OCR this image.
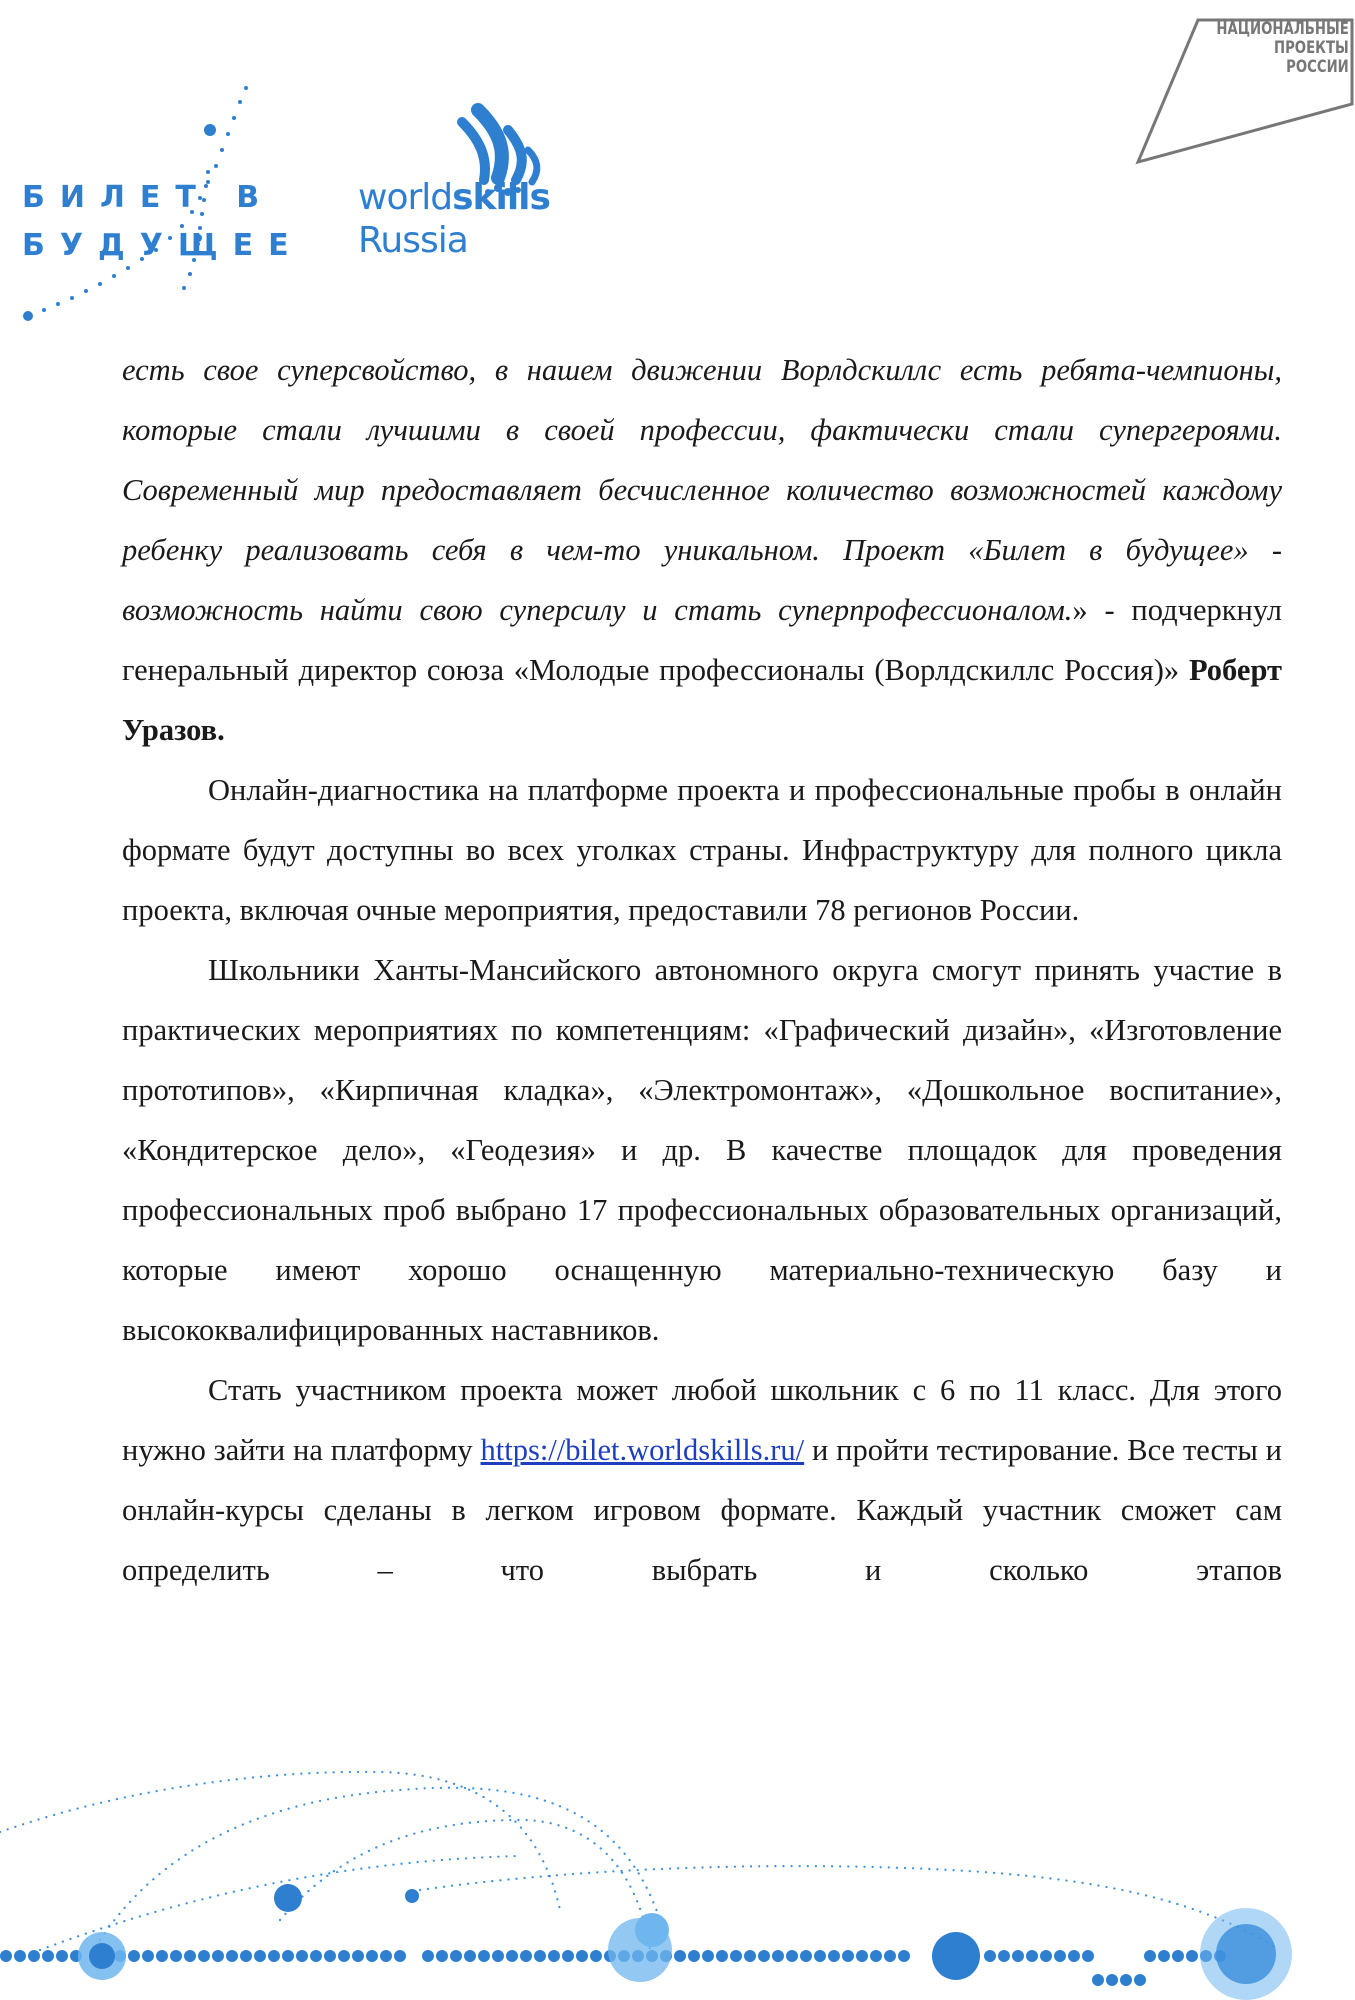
БИЛЕТ В
БУДУЩЕЕ
worldskills
Russia
НАЦИОНАЛЬНЫЕ
ПРОЕКТЫ
РОССИИ

есть свое суперсвойство, в нашем движении Ворлдскиллс есть ребята-чемпионы, которые стали лучшими в своей профессии, фактически стали супергероями. Современный мир предоставляет бесчисленное количество возможностей каждому ребенку реализовать себя в чем-то уникальном. Проект «Билет в будущее» - возможность найти свою суперсилу и стать суперпрофессионалом.» - подчеркнул генеральный директор союза «Молодые профессионалы (Ворлдскиллс Россия)» Роберт Уразов.

Онлайн-диагностика на платформе проекта и профессиональные пробы в онлайн формате будут доступны во всех уголках страны. Инфраструктуру для полного цикла проекта, включая очные мероприятия, предоставили 78 регионов России.

Школьники Ханты-Мансийского автономного округа смогут принять участие в практических мероприятиях по компетенциям: «Графический дизайн», «Изготовление прототипов», «Кирпичная кладка», «Электромонтаж», «Дошкольное воспитание», «Кондитерское дело», «Геодезия» и др. В качестве площадок для проведения профессиональных проб выбрано 17 профессиональных образовательных организаций, которые имеют хорошо оснащенную материально-техническую базу и высококвалифицированных наставников.

Стать участником проекта может любой школьник с 6 по 11 класс. Для этого нужно зайти на платформу https://bilet.worldskills.ru/ и пройти тестирование. Все тесты и онлайн-курсы сделаны в легком игровом формате. Каждый участник сможет сам определить – что выбрать и сколько этапов
